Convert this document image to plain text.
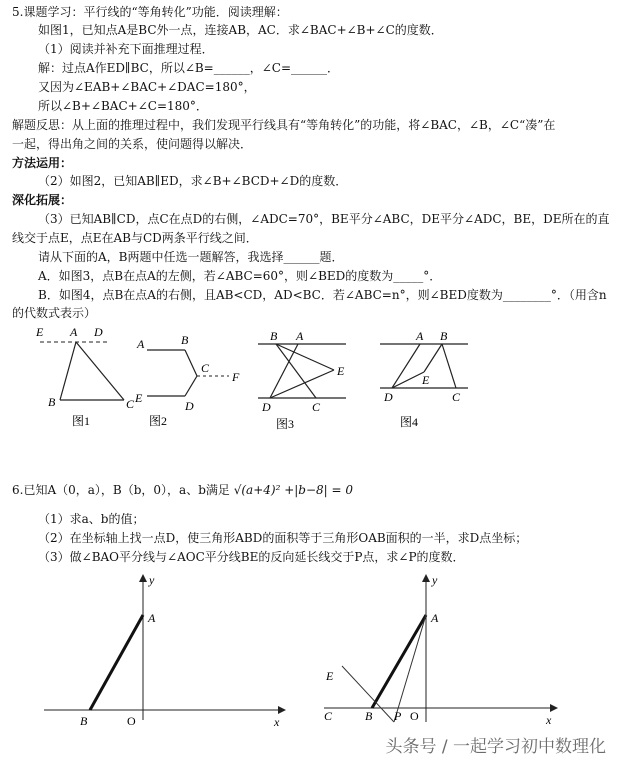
5.课题学习：平行线的“等角转化”功能．阅读理解：
如图1，已知点A是BC外一点，连接AB，AC．求∠BAC+∠B+∠C的度数．
（1）阅读并补充下面推理过程．
解：过点A作ED∥BC，所以∠B=______，∠C=______．
又因为∠EAB+∠BAC+∠DAC=180°，
所以∠B+∠BAC+∠C=180°．
解题反思：从上面的推理过程中，我们发现平行线具有“等角转化”的功能，将∠BAC，∠B，∠C“凑”在
一起，得出角之间的关系，使问题得以解决．
方法运用：
（2）如图2，已知AB∥ED，求∠B+∠BCD+∠D的度数．
深化拓展：
（3）已知AB∥CD，点C在点D的右侧，∠ADC=70°，BE平分∠ABC，DE平分∠ADC，BE，DE所在的直
线交于点E，点E在AB与CD两条平行线之间．
请从下面的A，B两题中任选一题解答，我选择______题．
A．如图3，点B在点A的左侧，若∠ABC=60°，则∠BED的度数为_____°．
B．如图4，点B在点A的右侧，且AB<CD，AD<BC．若∠ABC=n°，则∠BED度数为________°．（用含n
的代数式表示）
E A D
B	C
图1
A	B
C
F
E
D
图2
B A
E
D	C
图3
A B
E
D	C
图4
6.已知A（0，a），B（b，0），a、b满足 √(a+4)² +|b−8| = 0
（1）求a、b的值；
（2）在坐标轴上找一点D，使三角形ABD的面积等于三角形OAB面积的一半，求D点坐标；
（3）做∠BAO平分线与∠AOC平分线BE的反向延长线交于P点，求∠P的度数．
y
A
B	O	x
y
A
E
C	B	O
P	x
头条号 / 一起学习初中数理化
